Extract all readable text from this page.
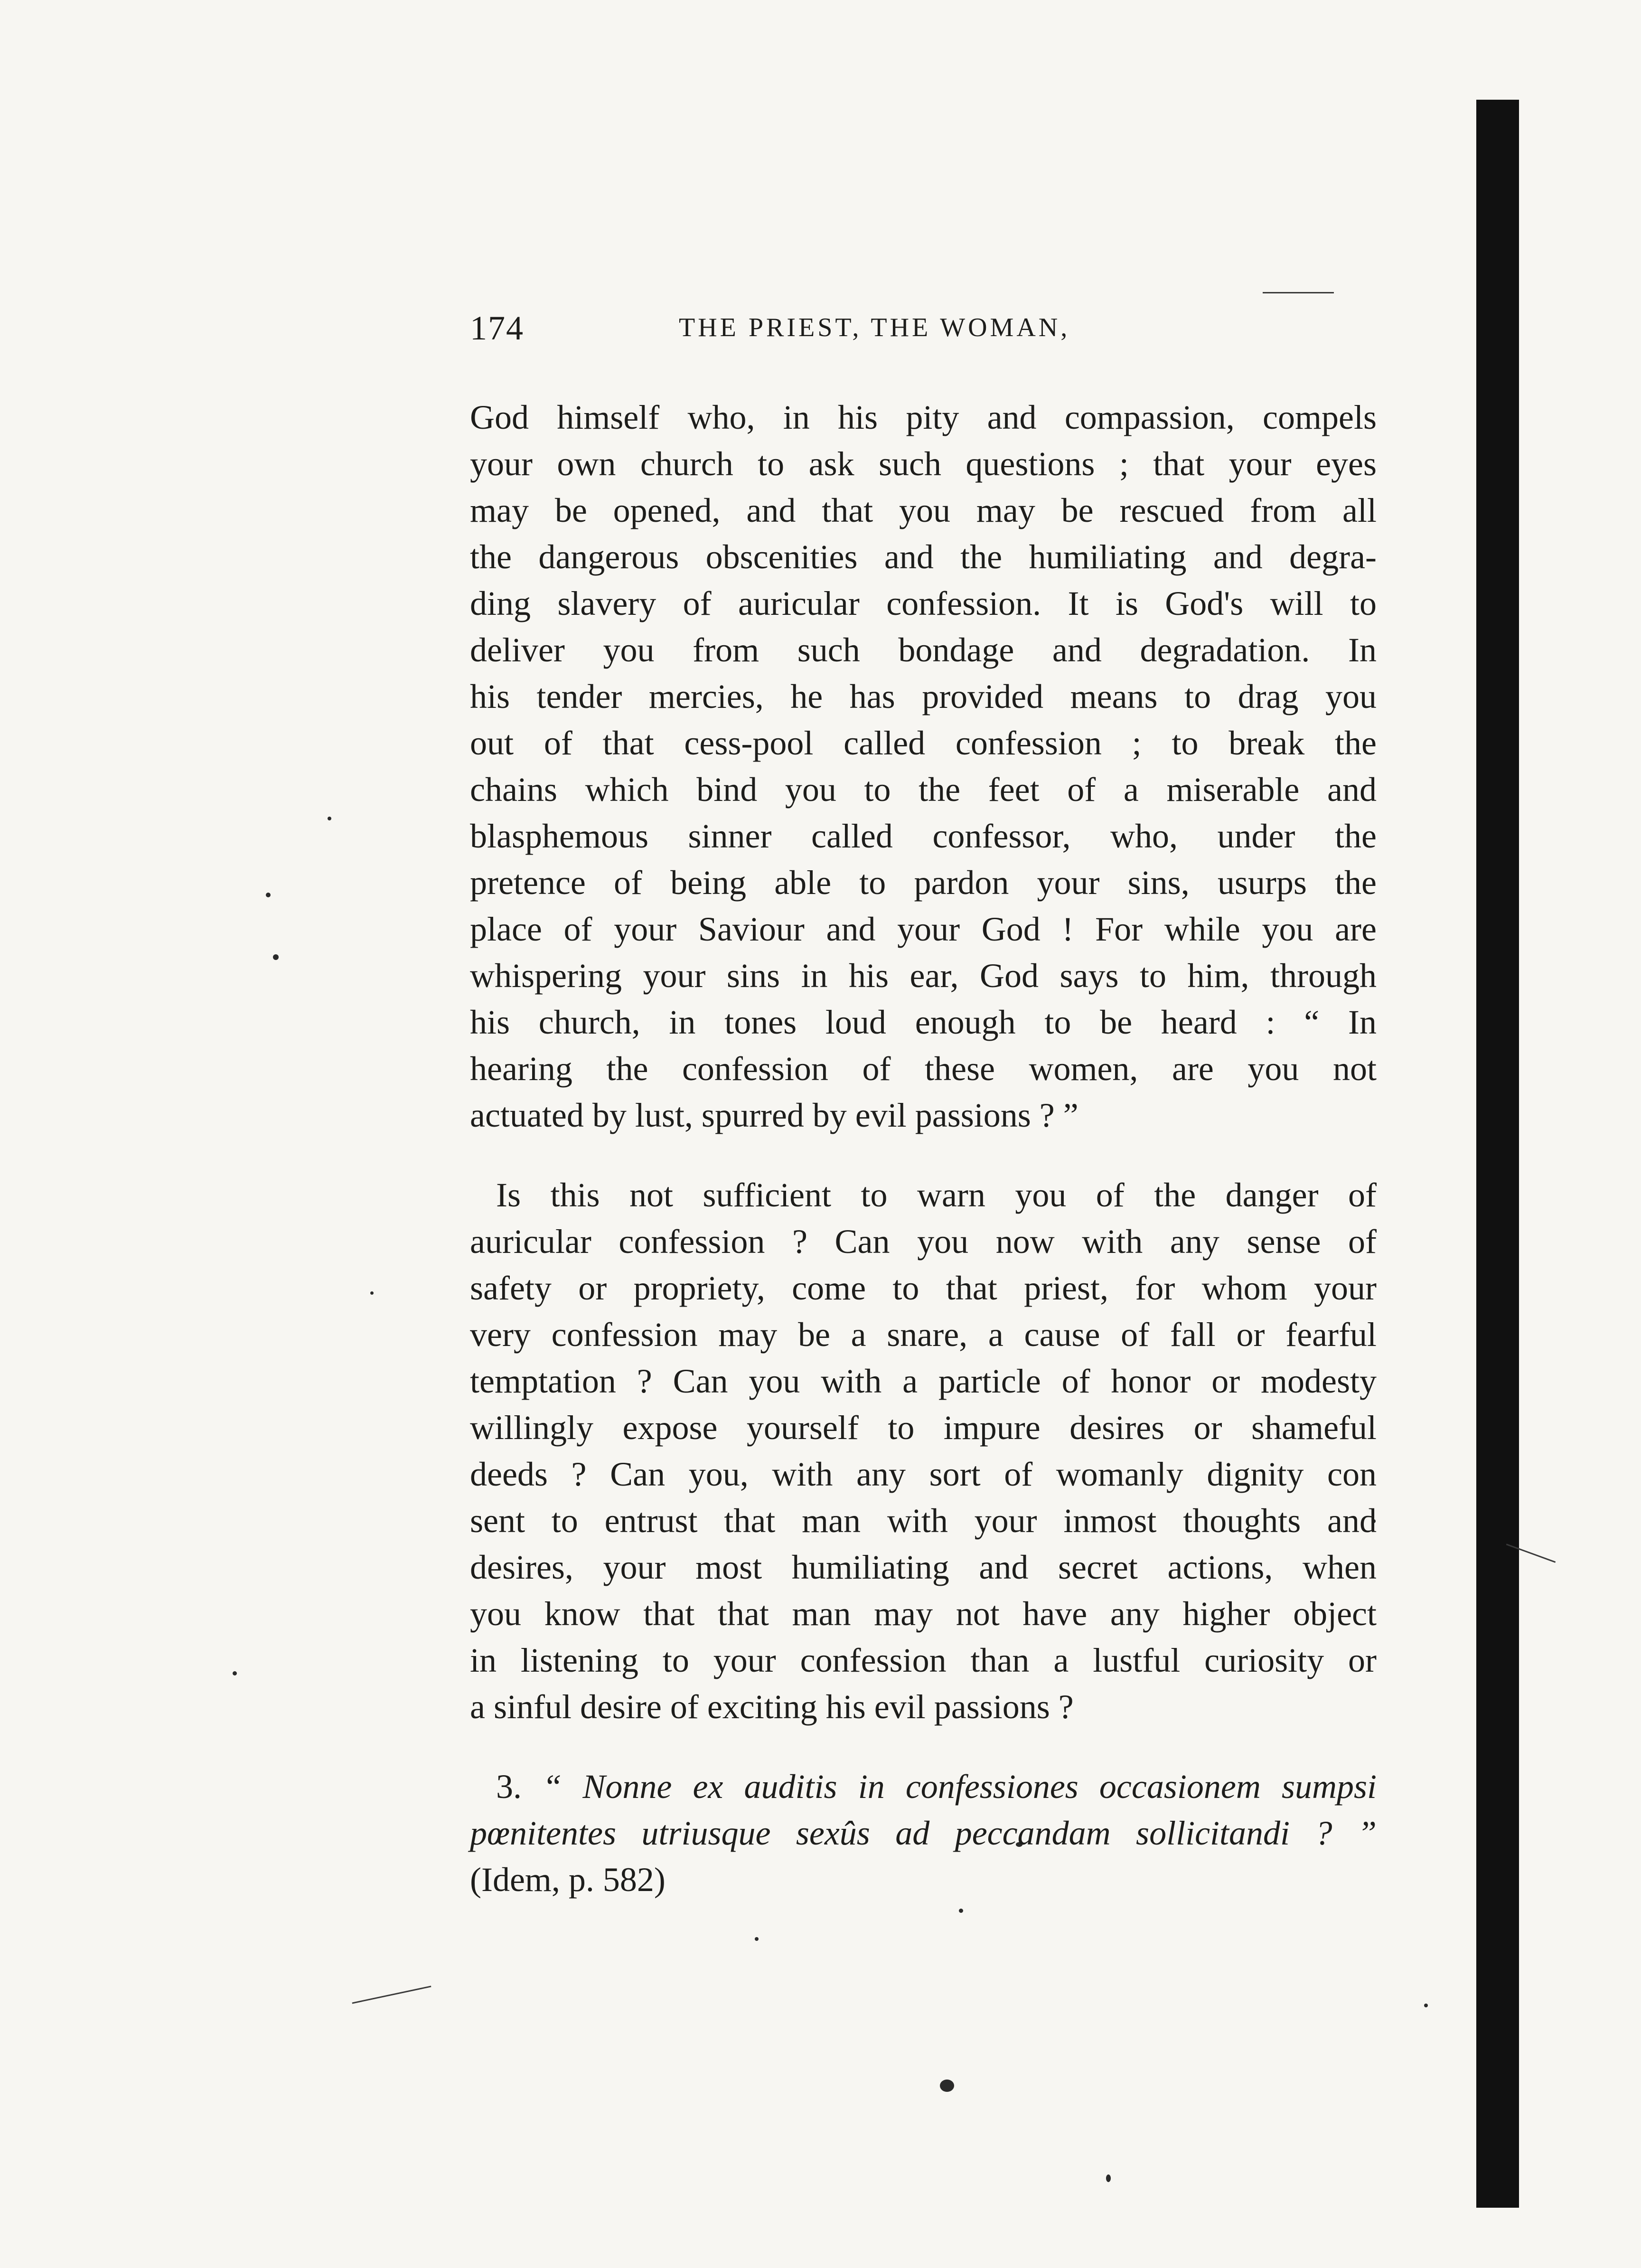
174	THE PRIEST, THE WOMAN,
God himself who, in his pity and compassion, compels
your own church to ask such questions ; that your eyes
may be opened, and that you may be rescued from all
the dangerous obscenities and the humiliating and degra-
ding slavery of auricular confession. It is God's will to
deliver you from such bondage and degradation. In
his tender mercies, he has provided means to drag you
out of that cess-pool called confession ; to break the
chains which bind you to the feet of a miserable and
blasphemous sinner called confessor, who, under the
pretence of being able to pardon your sins, usurps the
place of your Saviour and your God ! For while you are
whispering your sins in his ear, God says to him, through
his church, in tones loud enough to be heard : “ In
hearing the confession of these women, are you not
actuated by lust, spurred by evil passions ? ”
Is this not sufficient to warn you of the danger of
auricular confession ? Can you now with any sense of
safety or propriety, come to that priest, for whom your
very confession may be a snare, a cause of fall or fearful
temptation ? Can you with a particle of honor or modesty
willingly expose yourself to impure desires or shameful
deeds ? Can you, with any sort of womanly dignity con
sent to entrust that man with your inmost thoughts and
desires, your most humiliating and secret actions, when
you know that that man may not have any higher object
in listening to your confession than a lustful curiosity or
a sinful desire of exciting his evil passions ?
3. “ Nonne ex auditis in confessiones occasionem sumpsi
pœnitentes utriusque sexûs ad peccandam sollicitandi ? ”
(Idem, p. 582)
